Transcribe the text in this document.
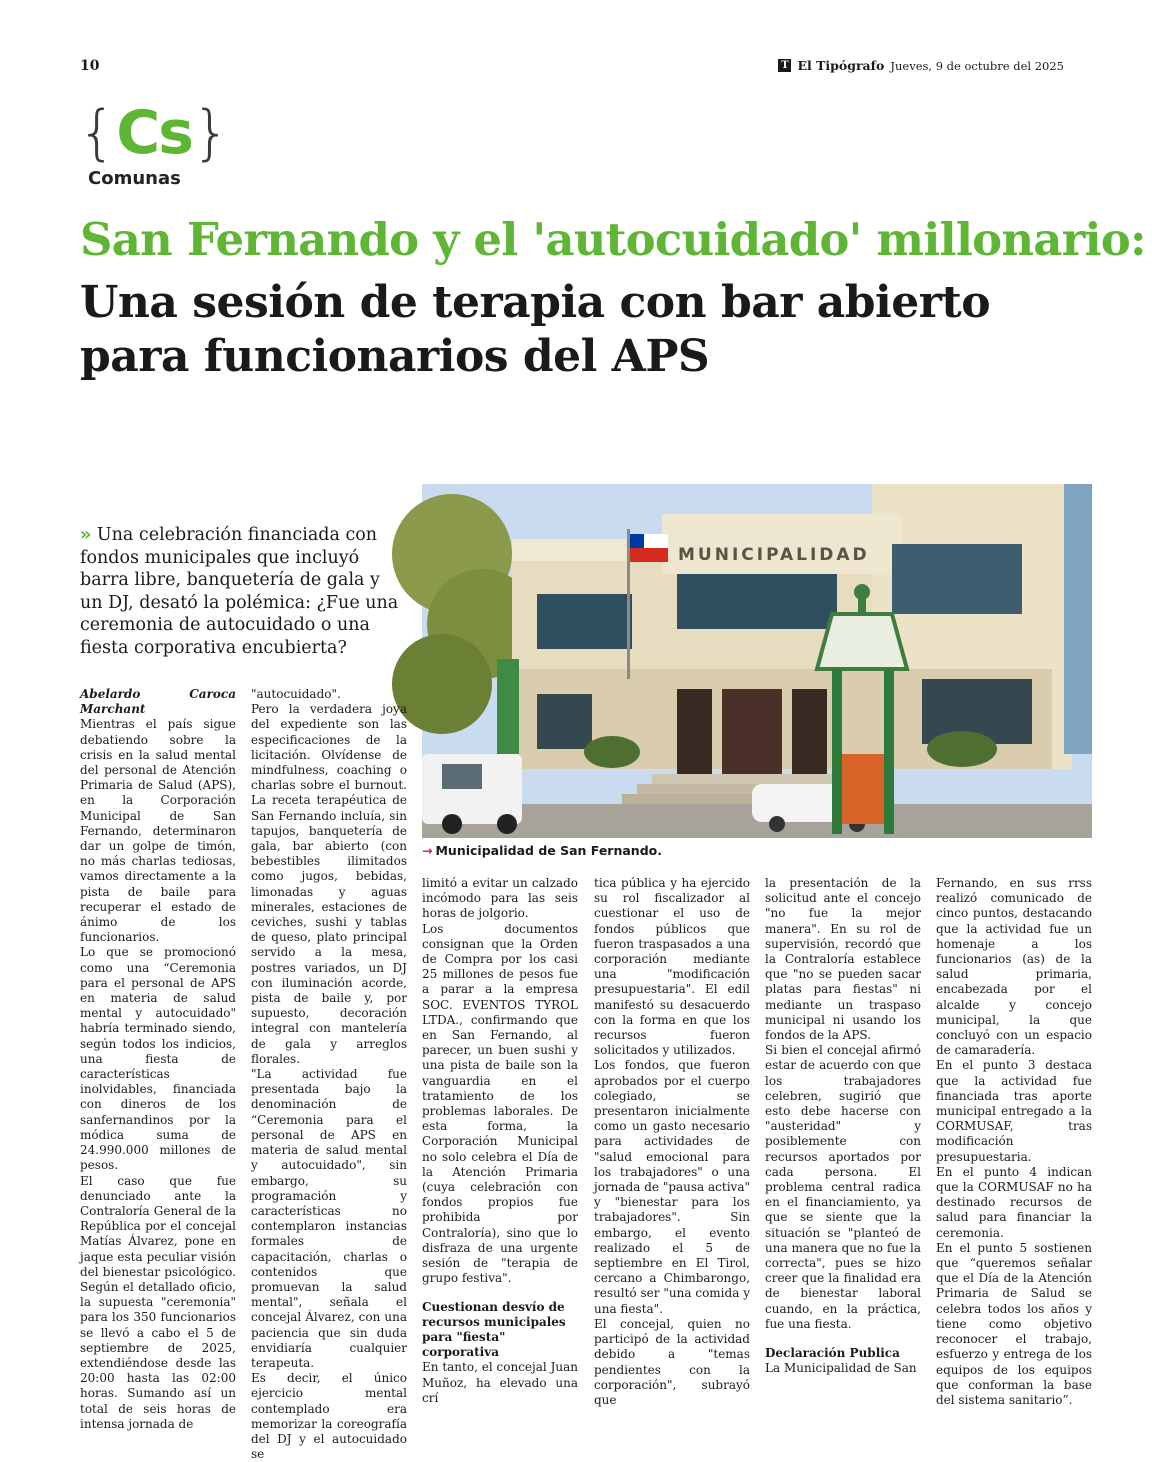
10	T El Tipógrafo Jueves, 9 de octubre del 2025
{Cs}
Comunas
San Fernando y el 'autocuidado' millonario:
Una sesión de terapia con bar abierto para funcionarios del APS
» Una celebración financiada con fondos municipales que incluyó barra libre, banquetería de gala y un DJ, desató la polémica: ¿Fue una ceremonia de autocuidado o una fiesta corporativa encubierta?
MUNICIPALIDAD
→ Municipalidad de San Fernando.

Abelardo Caroca Marchant

Mientras el país sigue debatiendo sobre la crisis en la salud mental del personal de Atención Primaria de Salud (APS), en la Corporación Municipal de San Fernando, determinaron dar un golpe de timón, no más charlas tediosas, vamos directamente a la pista de baile para recuperar el estado de ánimo de los funcionarios.

Lo que se promocionó como una “Ceremonia para el personal de APS en materia de salud mental y autocuidado" habría terminado siendo, según todos los indicios, una fiesta de características inolvidables, financiada con dineros de los sanfernandinos por la módica suma de 24.990.000 millones de pesos.

El caso que fue denunciado ante la Contraloría General de la República por el concejal Matías Álvarez, pone en jaque esta peculiar visión del bienestar psicológico. Según el detallado oficio, la supuesta "ceremonia" para los 350 funcionarios se llevó a cabo el 5 de septiembre de 2025, extendiéndose desde las 20:00 hasta las 02:00 horas. Sumando así un total de seis horas de intensa jornada de

"autocuidado".

Pero la verdadera joya del expediente son las especificaciones de la licitación. Olvídense de mindfulness, coaching o charlas sobre el burnout. La receta terapéutica de San Fernando incluía, sin tapujos, banquetería de gala, bar abierto (con bebestibles ilimitados como jugos, bebidas, limonadas y aguas minerales, estaciones de ceviches, sushi y tablas de queso, plato principal servido a la mesa, postres variados, un DJ con iluminación acorde, pista de baile y, por supuesto, decoración integral con mantelería de gala y arreglos florales.

"La actividad fue presentada bajo la denominación de “Ceremonia para el personal de APS en materia de salud mental y autocuidado", sin embargo, su programación y características no contemplaron instancias formales de capacitación, charlas o contenidos que promuevan la salud mental", señala el concejal Álvarez, con una paciencia que sin duda envidiaría cualquier terapeuta.

Es decir, el único ejercicio mental contemplado era memorizar la coreografía del DJ y el autocuidado se

limitó a evitar un calzado incómodo para las seis horas de jolgorio.

Los documentos consignan que la Orden de Compra por los casi 25 millones de pesos fue a parar a la empresa SOC. EVENTOS TYROL LTDA., confirmando que en San Fernando, al parecer, un buen sushi y una pista de baile son la vanguardia en el tratamiento de los problemas laborales. De esta forma, la Corporación Municipal no solo celebra el Día de la Atención Primaria (cuya celebración con fondos propios fue prohibida por Contraloría), sino que lo disfraza de una urgente sesión de "terapia de grupo festiva".

Cuestionan desvío de recursos municipales para "fiesta" corporativa

En tanto, el concejal Juan Muñoz, ha elevado una crí

tica pública y ha ejercido su rol fiscalizador al cuestionar el uso de fondos públicos que fueron traspasados a una corporación mediante una "modificación presupuestaria". El edil manifestó su desacuerdo con la forma en que los recursos fueron solicitados y utilizados.

Los fondos, que fueron aprobados por el cuerpo colegiado, se presentaron inicialmente como un gasto necesario para actividades de "salud emocional para los trabajadores" o una jornada de "pausa activa" y "bienestar para los trabajadores". Sin embargo, el evento realizado el 5 de septiembre en El Tirol, cercano a Chimbarongo, resultó ser "una comida y una fiesta".

El concejal, quien no participó de la actividad debido a "temas pendientes con la corporación", subrayó que

la presentación de la solicitud ante el concejo "no fue la mejor manera". En su rol de supervisión, recordó que la Contraloría establece que "no se pueden sacar platas para fiestas" ni mediante un traspaso municipal ni usando los fondos de la APS.

Si bien el concejal afirmó estar de acuerdo con que los trabajadores celebren, sugirió que esto debe hacerse con "austeridad" y posiblemente con recursos aportados por cada persona. El problema central radica en el financiamiento, ya que se siente que la situación se "planteó de una manera que no fue la correcta", pues se hizo creer que la finalidad era de bienestar laboral cuando, en la práctica, fue una fiesta.

Declaración Publica

La Municipalidad de San

Fernando, en sus rrss realizó comunicado de cinco puntos, destacando que la actividad fue un homenaje a los funcionarios (as) de la salud primaria, encabezada por el alcalde y concejo municipal, la que concluyó con un espacio de camaradería.

En el punto 3 destaca que la actividad fue financiada tras aporte municipal entregado a la CORMUSAF, tras modificación presupuestaria.

En el punto 4 indican que la CORMUSAF no ha destinado recursos de salud para financiar la ceremonia.

En el punto 5 sostienen que “queremos señalar que el Día de la Atención Primaria de Salud se celebra todos los años y tiene como objetivo reconocer el trabajo, esfuerzo y entrega de los equipos de los equipos que conforman la base del sistema sanitario”.
